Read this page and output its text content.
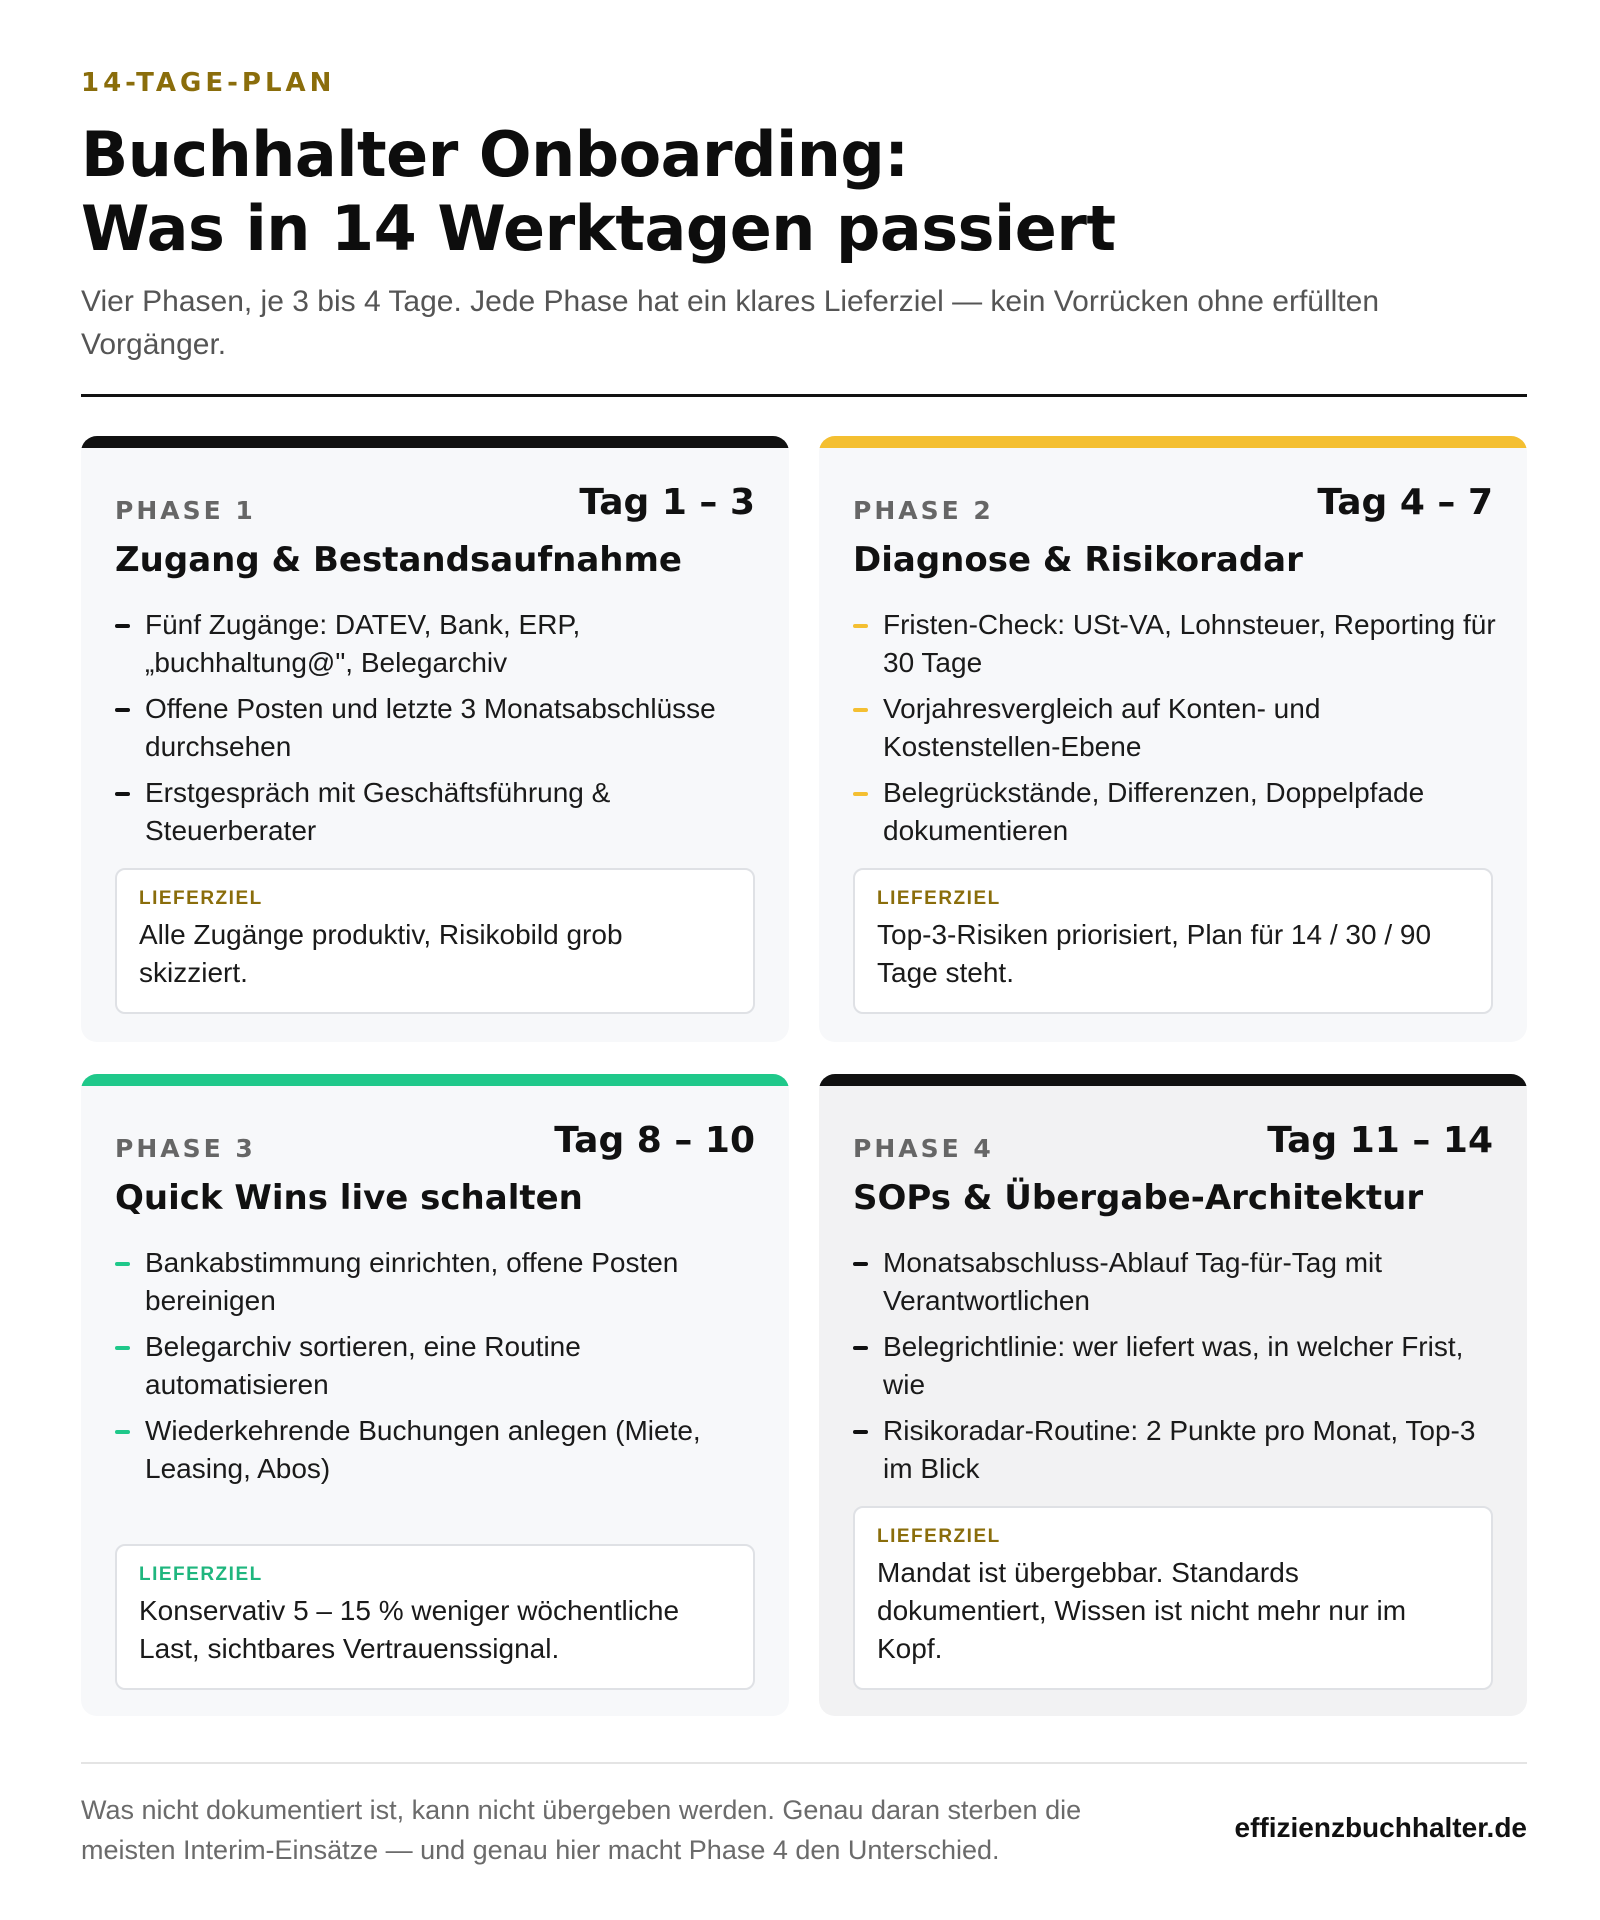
14-TAGE-PLAN
Buchhalter Onboarding:
Was in 14 Werktagen passiert

Vier Phasen, je 3 bis 4 Tage. Jede Phase hat ein klares Lieferziel — kein Vorrücken ohne erfüllten Vorgänger.

PHASE 1	Tag 1 – 3
Zugang & Bestandsaufnahme
Fünf Zugänge: DATEV, Bank, ERP, „buchhaltung@", Belegarchiv
Offene Posten und letzte 3 Monatsabschlüsse durchsehen
Erstgespräch mit Geschäftsführung & Steuerberater
LIEFERZIEL
Alle Zugänge produktiv, Risikobild grob skizziert.
PHASE 2	Tag 4 – 7
Diagnose & Risikoradar
Fristen-Check: USt-VA, Lohnsteuer, Reporting für 30 Tage
Vorjahresvergleich auf Konten- und Kostenstellen-Ebene
Belegrückstände, Differenzen, Doppelpfade dokumentieren
LIEFERZIEL
Top-3-Risiken priorisiert, Plan für 14 / 30 / 90 Tage steht.
PHASE 3	Tag 8 – 10
Quick Wins live schalten
Bankabstimmung einrichten, offene Posten bereinigen
Belegarchiv sortieren, eine Routine automatisieren
Wiederkehrende Buchungen anlegen (Miete, Leasing, Abos)
LIEFERZIEL
Konservativ 5 – 15 % weniger wöchentliche Last, sichtbares Vertrauenssignal.
PHASE 4	Tag 11 – 14
SOPs & Übergabe-Architektur
Monatsabschluss-Ablauf Tag-für-Tag mit Verantwortlichen
Belegrichtlinie: wer liefert was, in welcher Frist, wie
Risikoradar-Routine: 2 Punkte pro Monat, Top-3 im Blick
LIEFERZIEL
Mandat ist übergebbar. Standards dokumentiert, Wissen ist nicht mehr nur im Kopf.

Was nicht dokumentiert ist, kann nicht übergeben werden. Genau daran sterben die meisten Interim-Einsätze — und genau hier macht Phase 4 den Unterschied.

effizienzbuchhalter.de
